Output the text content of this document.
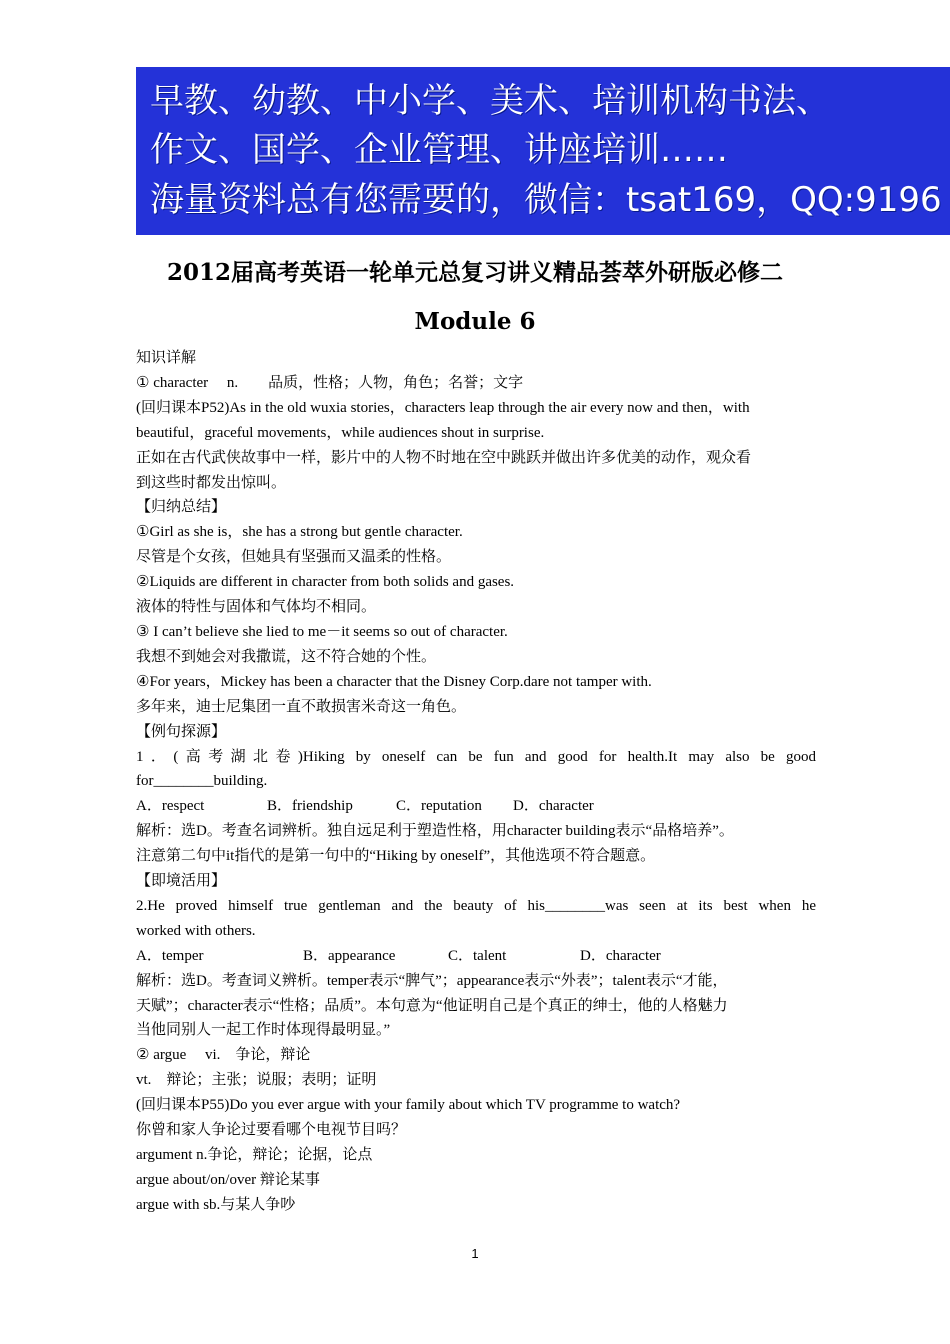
早教、幼教、中小学、美术、培训机构书法、
作文、国学、企业管理、讲座培训……
海量资料总有您需要的，微信：tsat169，QQ:9196
2012届高考英语一轮单元总复习讲义精品荟萃外研版必修二
Module 6
知识详解
① character　 n.　　品质，性格；人物，角色；名誉；文字
(回归课本P52)As in the old wuxia stories，characters leap through the air every now and then，with
beautiful，graceful movements，while audiences shout in surprise.
正如在古代武侠故事中一样，影片中的人物不时地在空中跳跃并做出许多优美的动作，观众看
到这些时都发出惊叫。
【归纳总结】
①Girl as she is，she has a strong but gentle character.
尽管是个女孩，但她具有坚强而又温柔的性格。
②Liquids are different in character from both solids and gases.
液体的特性与固体和气体均不相同。
③ I can’t believe she lied to me－it seems so out of character.
我想不到她会对我撒谎，这不符合她的个性。
④For years，Mickey has been a character that the Disney Corp.dare not tamper with.
多年来，迪士尼集团一直不敢损害米奇这一角色。
【例句探源】
1．(高考湖北卷)Hiking by oneself can be fun and good for health.It may also be good
for________building.
A．respect	B．friendship	C．reputation	D．character
解析：选D。考查名词辨析。独自远足利于塑造性格，用character building表示“品格培养”。
注意第二句中it指代的是第一句中的“Hiking by oneself”，其他选项不符合题意。
【即境活用】
2.He proved himself true gentleman and the beauty of his________was seen at its best when he
worked with others.
A．temper	B．appearance	C．talent	D．character
解析：选D。考查词义辨析。temper表示“脾气”；appearance表示“外表”；talent表示“才能，
天赋”；character表示“性格；品质”。本句意为“他证明自己是个真正的绅士，他的人格魅力
当他同别人一起工作时体现得最明显。”
② argue　 vi.　争论，辩论
vt.　辩论；主张；说服；表明；证明
(回归课本P55)Do you ever argue with your family about which TV programme to watch?
你曾和家人争论过要看哪个电视节目吗？
argument n.争论，辩论；论据，论点
argue about/on/over 辩论某事
argue with sb.与某人争吵
1
